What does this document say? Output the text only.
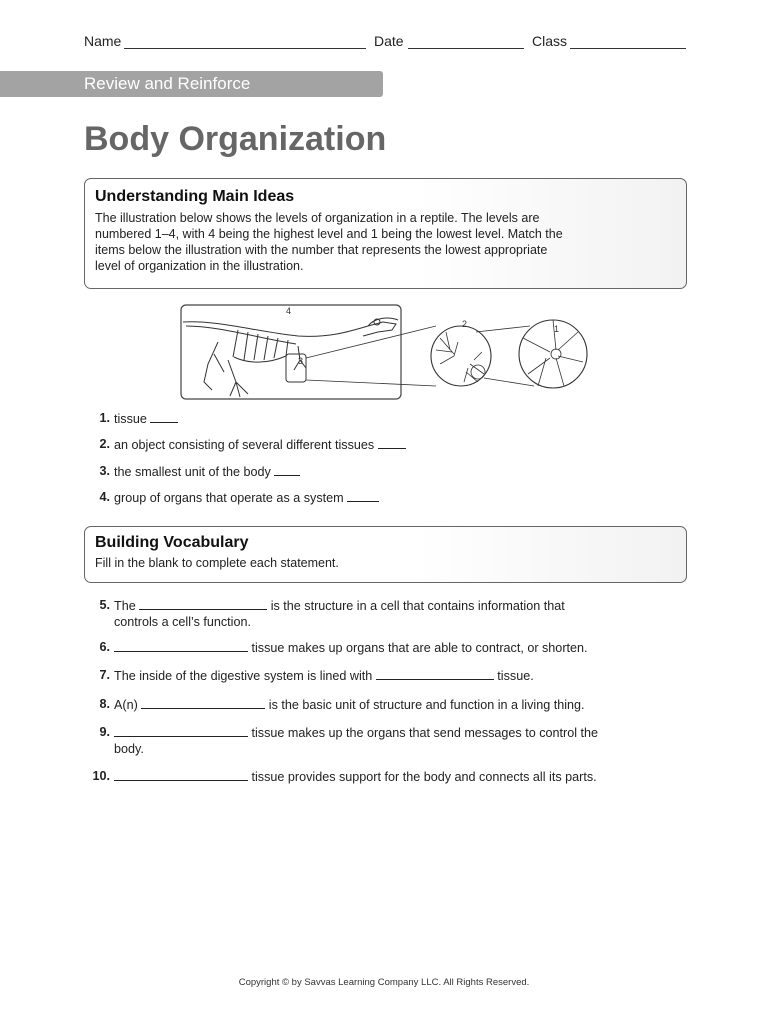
Name	Date	Class
Review and Reinforce
Body Organization
Understanding Main Ideas

The illustration below shows the levels of organization in a reptile. The levels are

numbered 1–4, with 4 being the highest level and 1 being the lowest level. Match the

items below the illustration with the number that represents the lowest appropriate

level of organization in the illustration.

4
3
2	1
1. tissue
2. an object consisting of several different tissues
3. the smallest unit of the body
4. group of organs that operate as a system
Building Vocabulary

Fill in the blank to complete each statement.

5. The	is the structure in a cell that contains information that
controls a cell’s function.
6.	tissue makes up organs that are able to contract, or shorten.
7. The inside of the digestive system is lined with	tissue.
8. A(n)	is the basic unit of structure and function in a living thing.
9.	tissue makes up the organs that send messages to control the
body.
10.	tissue provides support for the body and connects all its parts.
Copyright © by Savvas Learning Company LLC. All Rights Reserved.
